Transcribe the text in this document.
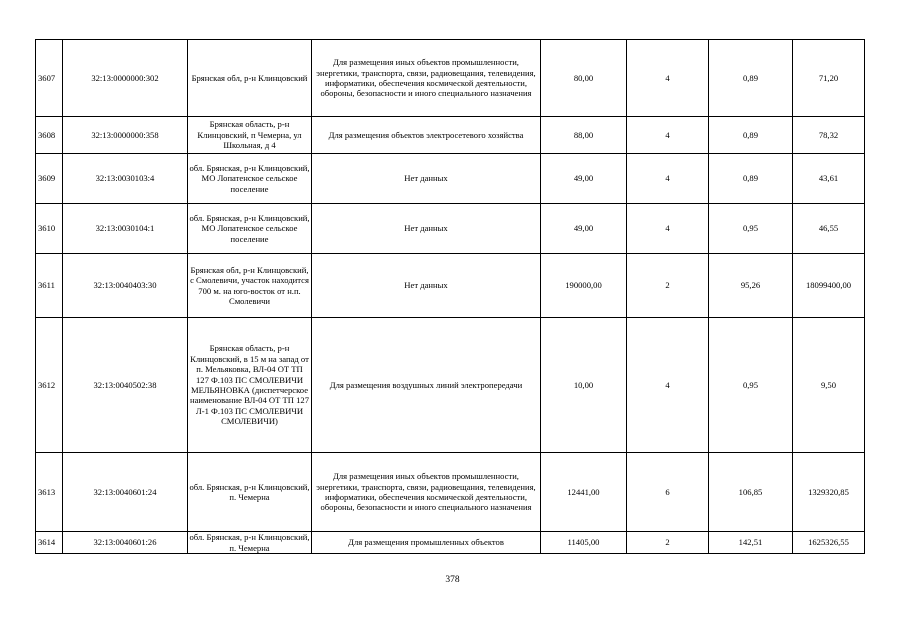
3607	32:13:0000000:302	Брянская обл, р-н Клинцовский	Для размещения иных объектов промышленности, энергетики, транспорта, связи, радиовещания, телевидения, информатики, обеспечения космической деятельности, обороны, безопасности и иного специального назначения	80,00	4	0,89	71,20
3608	32:13:0000000:358	Брянская область, р-н Клинцовский, п Чемерна, ул Школьная, д 4	Для размещения объектов электросетевого хозяйства	88,00	4	0,89	78,32
3609	32:13:0030103:4	обл. Брянская, р-н Клинцовский, МО Лопатенское сельское поселение	Нет данных	49,00	4	0,89	43,61
3610	32:13:0030104:1	обл. Брянская, р-н Клинцовский, МО Лопатенское сельское поселение	Нет данных	49,00	4	0,95	46,55
3611	32:13:0040403:30	Брянская обл, р-н Клинцовский, с Смолевичи, участок находится 700 м. на юго-восток от н.п. Смолевичи	Нет данных	190000,00	2	95,26	18099400,00
3612	32:13:0040502:38	Брянская область, р-н Клинцовский, в 15 м на запад от п. Мельяковка, ВЛ-04 ОТ ТП 127 Ф.103 ПС СМОЛЕВИЧИ МЕЛЬЯНОВКА (диспетчерское наименование ВЛ-04 ОТ ТП 127 Л-1 Ф.103 ПС СМОЛЕВИЧИ СМОЛЕВИЧИ)	Для размещения воздушных линий электропередачи	10,00	4	0,95	9,50
3613	32:13:0040601:24	обл. Брянская, р-н Клинцовский, п. Чемерна	Для размещения иных объектов промышленности, энергетики, транспорта, связи, радиовещания, телевидения, информатики, обеспечения космической деятельности, обороны, безопасности и иного специального назначения	12441,00	6	106,85	1329320,85
3614	32:13:0040601:26	обл. Брянская, р-н Клинцовский, п. Чемерна	Для размещения промышленных объектов	11405,00	2	142,51	1625326,55
378
